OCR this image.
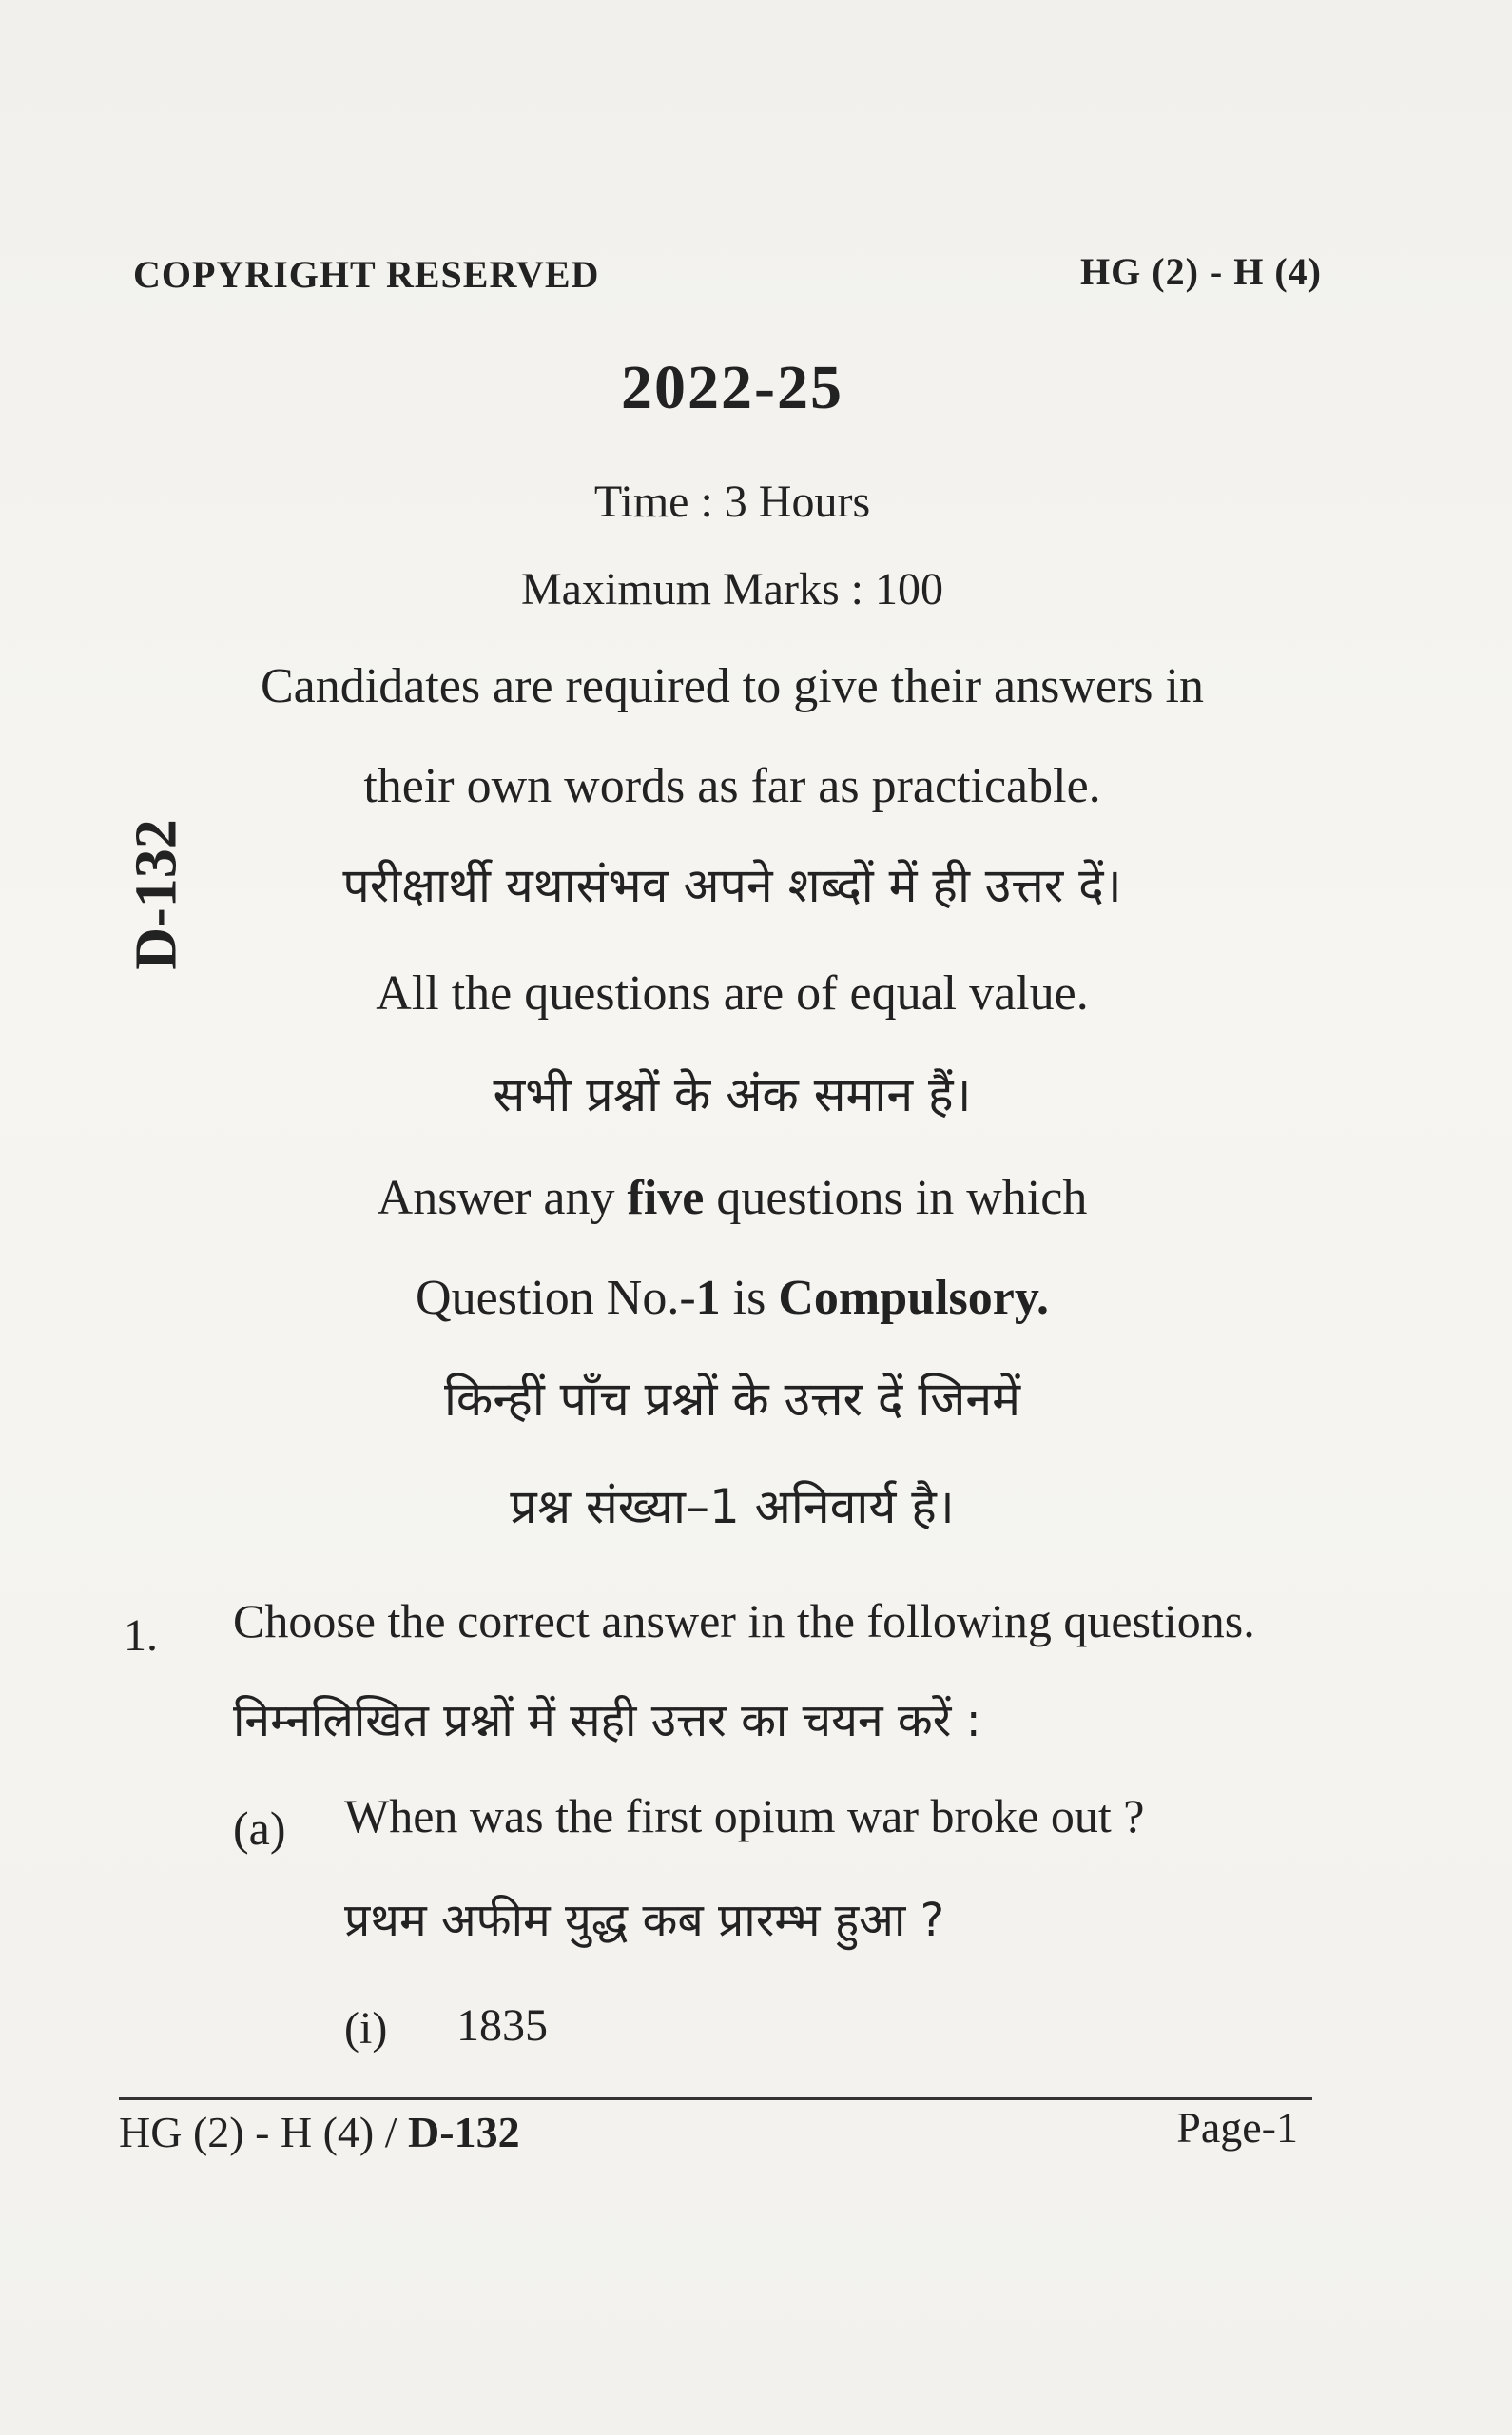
COPYRIGHT RESERVED	HG (2) - H (4)
2022-25
D-132
Time : 3 Hours
Maximum Marks : 100
Candidates are required to give their answers in
their own words as far as practicable.
परीक्षार्थी यथासंभव अपने शब्दों में ही उत्तर दें।
All the questions are of equal value.
सभी प्रश्नों के अंक समान हैं।
Answer any five questions in which
Question No.-1 is Compulsory.
किन्हीं पाँच प्रश्नों के उत्तर दें जिनमें
प्रश्न संख्या–1 अनिवार्य है।
1. Choose the correct answer in the following questions.
निम्नलिखित प्रश्नों में सही उत्तर का चयन करें :
(a) When was the first opium war broke out ?
प्रथम अफीम युद्ध कब प्रारम्भ हुआ ?
(i) 1835
HG (2) - H (4) / D-132	Page-1
